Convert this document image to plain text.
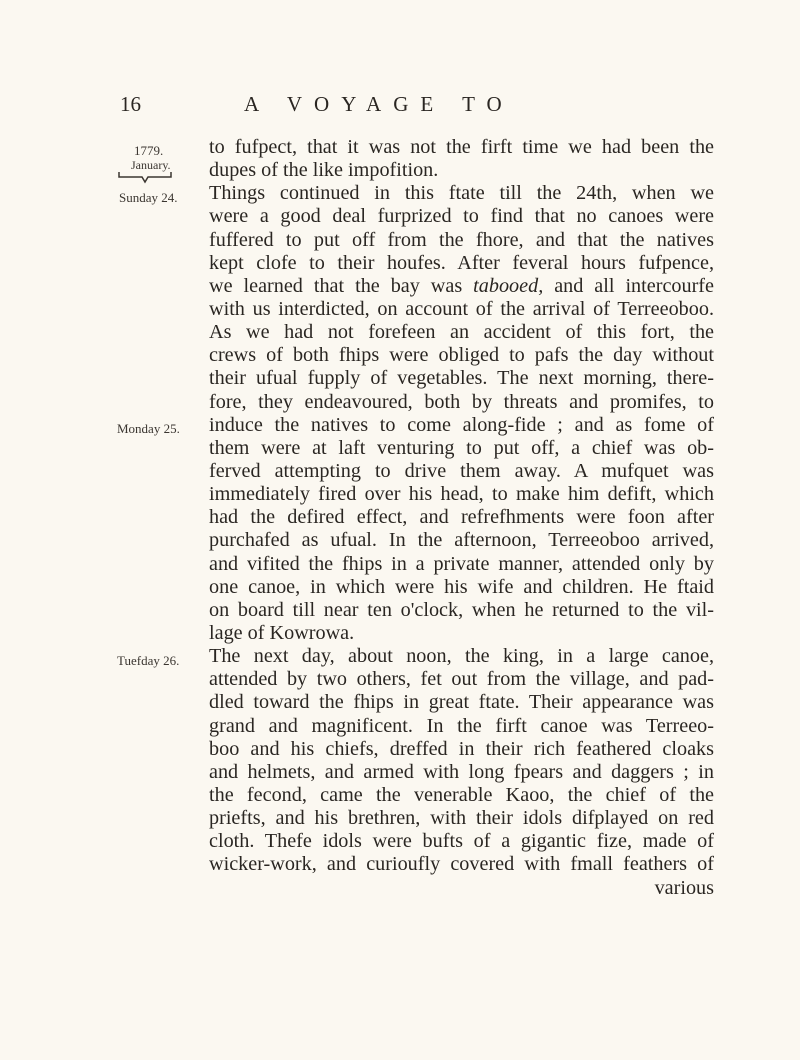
16	A VOYAGE TO
1779.
January.
Sunday 24.
Monday 25.
Tuefday 26.
to fufpect, that it was not the firft time we had been the
dupes of the like impofition.
Things continued in this ftate till the 24th, when we
were a good deal furprized to find that no canoes were
fuffered to put off from the fhore, and that the natives
kept clofe to their houfes. After feveral hours fufpence,
we learned that the bay was tabooed, and all intercourfe
with us interdicted, on account of the arrival of Terreeoboo.
As we had not forefeen an accident of this fort, the
crews of both fhips were obliged to pafs the day without
their ufual fupply of vegetables. The next morning, there-
fore, they endeavoured, both by threats and promifes, to
induce the natives to come along-fide ; and as fome of
them were at laft venturing to put off, a chief was ob-
ferved attempting to drive them away. A mufquet was
immediately fired over his head, to make him defift, which
had the defired effect, and refrefhments were foon after
purchafed as ufual. In the afternoon, Terreeoboo arrived,
and vifited the fhips in a private manner, attended only by
one canoe, in which were his wife and children. He ftaid
on board till near ten o'clock, when he returned to the vil-
lage of Kowrowa.
The next day, about noon, the king, in a large canoe,
attended by two others, fet out from the village, and pad-
dled toward the fhips in great ftate. Their appearance was
grand and magnificent. In the firft canoe was Terreeo-
boo and his chiefs, dreffed in their rich feathered cloaks
and helmets, and armed with long fpears and daggers ; in
the fecond, came the venerable Kaoo, the chief of the
priefts, and his brethren, with their idols difplayed on red
cloth. Thefe idols were bufts of a gigantic fize, made of
wicker-work, and curioufly covered with fmall feathers of
various
